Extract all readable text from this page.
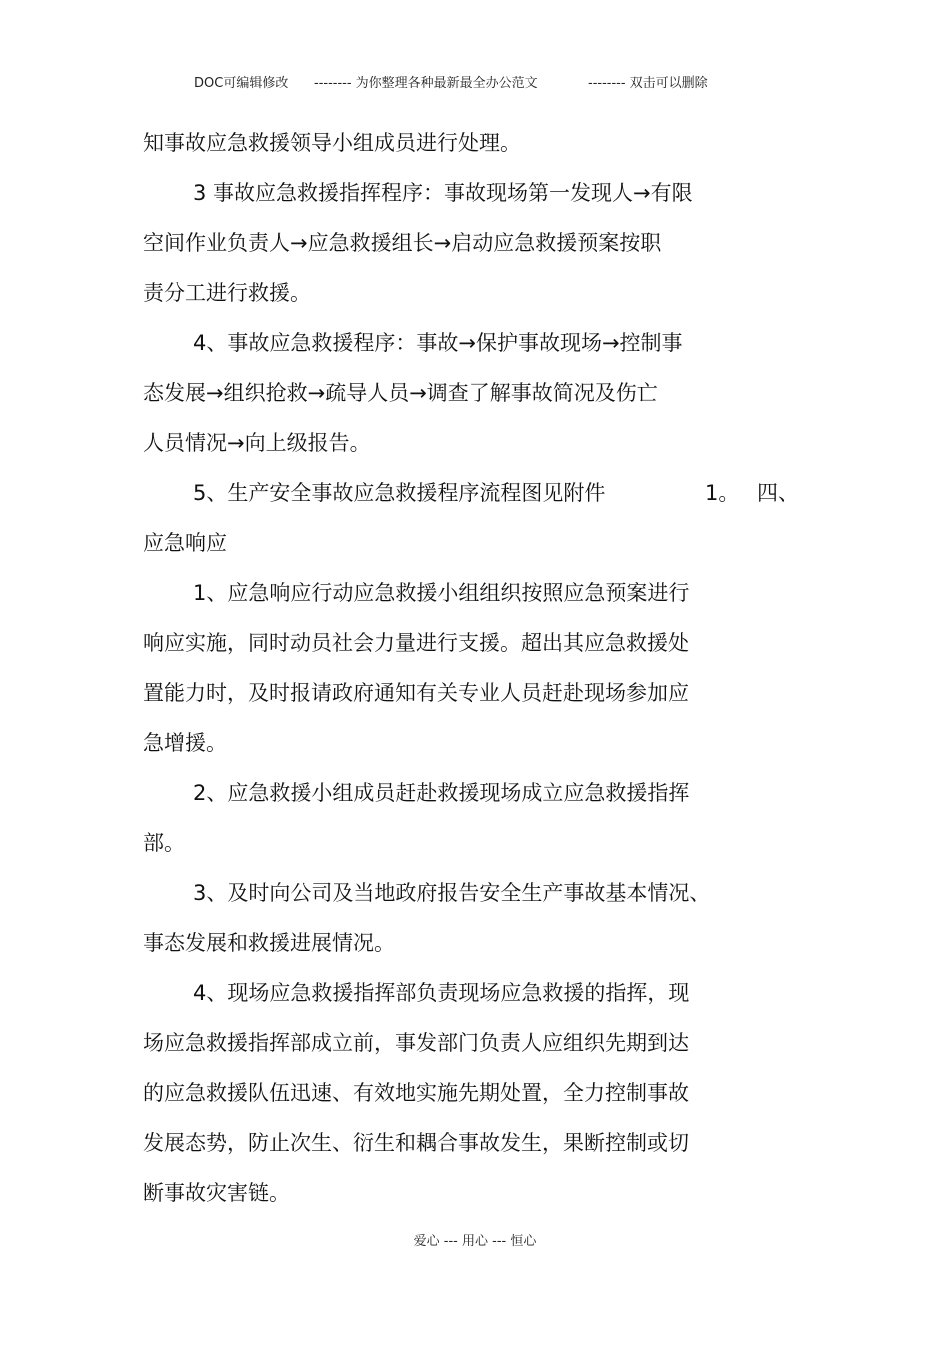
DOC可编辑修改 -------- 为你整理各种最新最全办公范文	-------- 双击可以删除
知事故应急救援领导小组成员进行处理。
3 事故应急救援指挥程序：事故现场第一发现人→有限
空间作业负责人→应急救援组长→启动应急救援预案按职
责分工进行救援。
4、事故应急救援程序：事故→保护事故现场→控制事
态发展→组织抢救→疏导人员→调查了解事故简况及伤亡
人员情况→向上级报告。
5、生产安全事故应急救援程序流程图见附件	1。 四、
应急响应
1、应急响应行动应急救援小组组织按照应急预案进行
响应实施，同时动员社会力量进行支援。超出其应急救援处
置能力时，及时报请政府通知有关专业人员赶赴现场参加应
急增援。
2、应急救援小组成员赶赴救援现场成立应急救援指挥
部。
3、及时向公司及当地政府报告安全生产事故基本情况、
事态发展和救援进展情况。
4、现场应急救援指挥部负责现场应急救援的指挥，现
场应急救援指挥部成立前，事发部门负责人应组织先期到达
的应急救援队伍迅速、有效地实施先期处置，全力控制事故
发展态势，防止次生、衍生和耦合事故发生，果断控制或切
断事故灾害链。
爱心 --- 用心 --- 恒心
